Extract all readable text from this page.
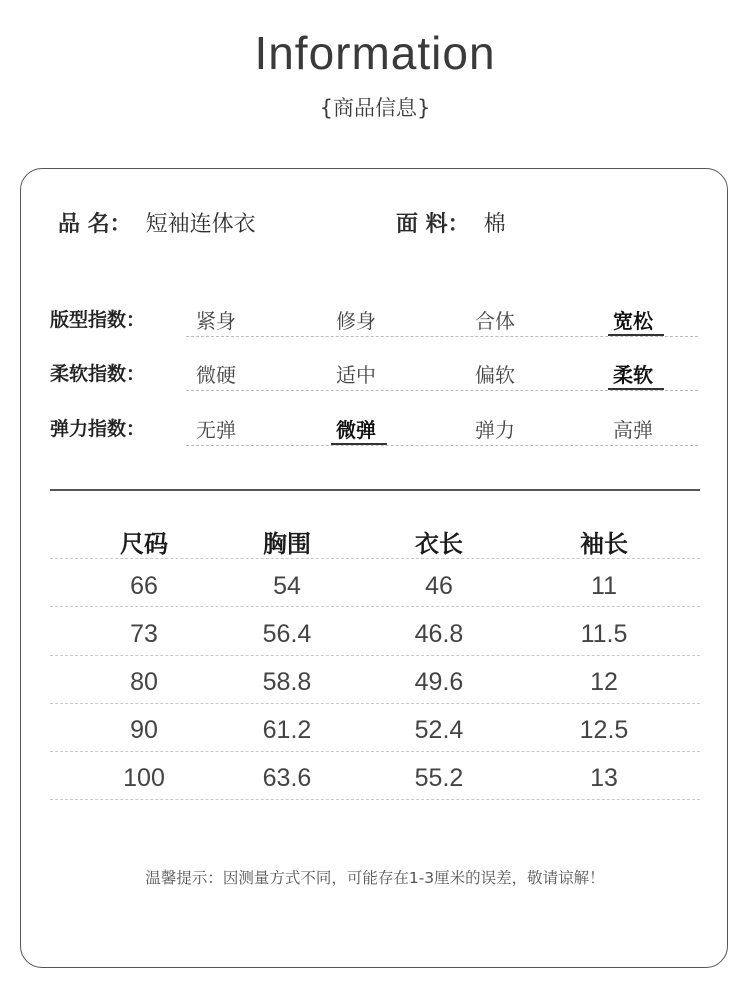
Information
{商品信息}
品 名： 短袖连体衣	面 料： 棉
版型指数：	紧身	修身	合体	宽松
柔软指数：	微硬	适中	偏软	柔软
弹力指数：	无弹	微弹	弹力	高弹
尺码	胸围	衣长	袖长
66	54	46	11
73	56.4	46.8	11.5
80	58.8	49.6	12
90	61.2	52.4	12.5
100	63.6	55.2	13
温馨提示：因测量方式不同，可能存在1-3厘米的误差，敬请谅解！
